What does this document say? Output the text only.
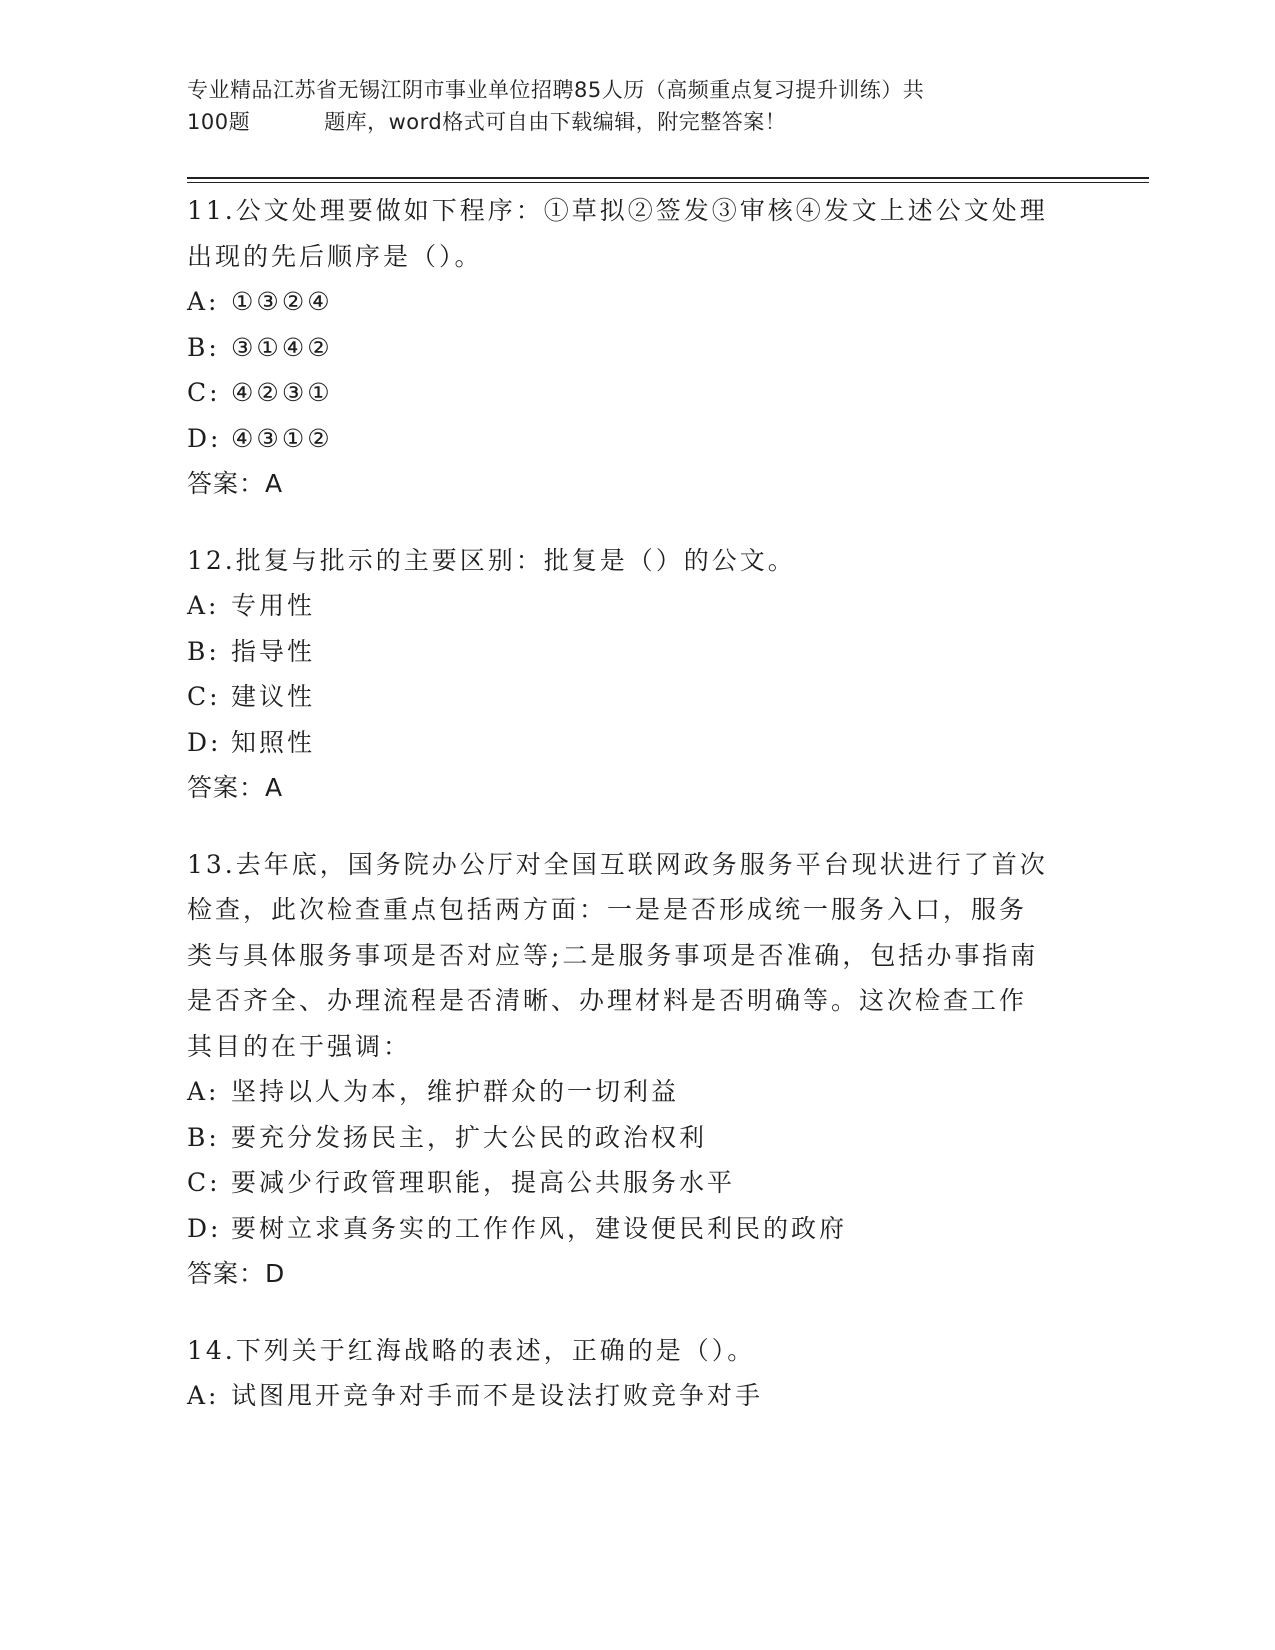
专业精品江苏省无锡江阴市事业单位招聘85人历（高频重点复习提升训练）共
100题	题库，word格式可自由下载编辑，附完整答案！
11.公文处理要做如下程序：①草拟②签发③审核④发文上述公文处理
出现的先后顺序是（）。
A: ①③②④
B: ③①④②
C: ④②③①
D: ④③①②
答案：A
12.批复与批示的主要区别：批复是（）的公文。
A: 专用性
B: 指导性
C: 建议性
D: 知照性
答案：A
13.去年底，国务院办公厅对全国互联网政务服务平台现状进行了首次
检查，此次检查重点包括两方面：一是是否形成统一服务入口，服务
类与具体服务事项是否对应等;二是服务事项是否准确，包括办事指南
是否齐全、办理流程是否清晰、办理材料是否明确等。这次检查工作
其目的在于强调：
A: 坚持以人为本，维护群众的一切利益
B: 要充分发扬民主，扩大公民的政治权利
C: 要减少行政管理职能，提高公共服务水平
D: 要树立求真务实的工作作风，建设便民利民的政府
答案：D
14.下列关于红海战略的表述，正确的是（）。
A: 试图甩开竞争对手而不是设法打败竞争对手
